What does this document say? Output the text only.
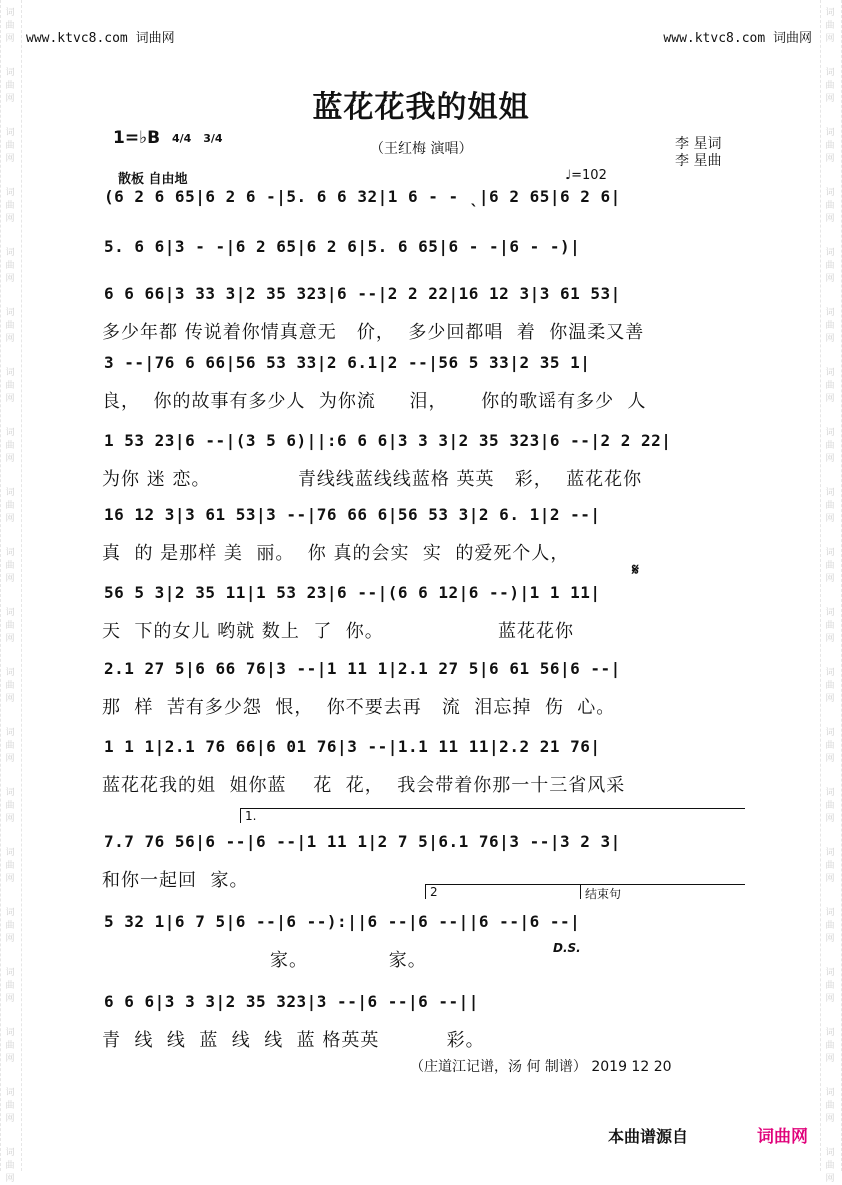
词
曲
网
词
曲
网
词
曲
网
词
曲
网
词
曲
网
词
曲
网
词
曲
网
词
曲
网
词
曲
网
词
曲
网
词
曲
网
词
曲
网
词
曲
网
词
曲
网
词
曲
网
词
曲
网
词
曲
网
词
曲
网
词
曲
网
词
曲
网
词
曲
网
词
曲
网
词
曲
网
词
曲
网
词
曲
网
词
曲
网
词
曲
网
词
曲
网
词
曲
网
词
曲
网
词
曲
网
词
曲
网
词
曲
网
词
曲
网
词
曲
网
词
曲
网
词
曲
网
词
曲
网
词
曲
网
词
曲
网
www.ktvc8.com 词曲网	www.ktvc8.com 词曲网
蓝花花我的姐姐
1=♭B 4/4 3/4
（王红梅 演唱）	李 星词
李 星曲
散板 自由地	♩=102
(6 2 6 65|6 2 6 -|5. 6 6 32|1 6 - - ˎ|6 2 65|6 2 6|
5. 6 6|3 - -|6 2 65|6 2 6|5. 6 65|6 - -|6 - -)|
6 6 66|3 33 3|2 35 323|6 --|2 2 22|16 12 3|3 61 53|
多少年都 传说着你情真意无   价，  多少回都唱  着  你温柔又善
3 --|76 6 66|56 53 33|2 6.1|2 --|56 5 33|2 35 1|
良，  你的故事有多少人  为你流     泪，     你的歌谣有多少  人
1 53 23|6 --|(3 5 6)||:6 6 6|3 3 3|2 35 323|6 --|2 2 22|
为你 迷 恋。             青线线蓝线线蓝格 英英   彩，  蓝花花你
16 12 3|3 61 53|3 --|76 66 6|56 53 3|2 6. 1|2 --|
真  的 是那样 美  丽。  你 真的会实  实  的爱死个人，
56 5 3|2 35 11|1 53 23|6 --|(6 6 12|6 --)|1 1 11|
天  下的女儿 哟就 数上  了  你。                 蓝花花你
2.1 27 5|6 66 76|3 --|1 11 1|2.1 27 5|6 61 56|6 --|
那  样  苦有多少怨  恨，  你不要去再   流  泪忘掉  伤  心。
1 1 1|2.1 76 66|6 01 76|3 --|1.1 11 11|2.2 21 76|
蓝花花我的姐  姐你蓝    花  花，  我会带着你那一十三省风采
7.7 76 56|6 --|6 --|1 11 1|2 7 5|6.1 76|3 --|3 2 3|
和你一起回  家。
5 32 1|6 7 5|6 --|6 --):||6 --|6 --||6 --|6 --|
家。            家。
6 6 6|3 3 3|2 35 323|3 --|6 --|6 --||
青  线  线  蓝  线  线  蓝 格英英          彩。
𝄋
1.
2	结束句
D.S.
（庄道江记谱，汤 何 制谱） 2019 12 20
本曲谱源自	词曲网
